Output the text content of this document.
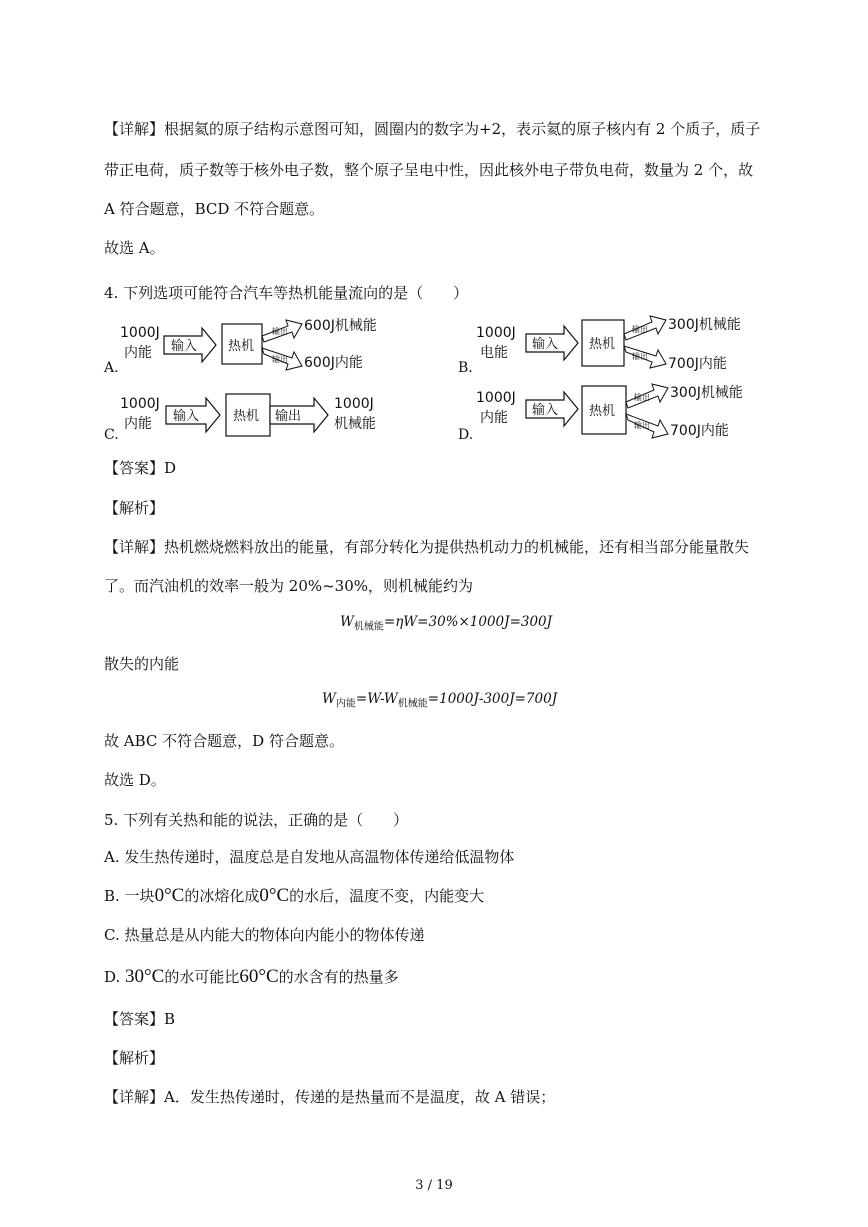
【详解】根据氦的原子结构示意图可知，圆圈内的数字为+2，表示氦的原子核内有 2 个质子，质子
带正电荷，质子数等于核外电子数，整个原子呈电中性，因此核外电子带负电荷，数量为 2 个，故
A 符合题意，BCD 不符合题意。
故选 A。
4. 下列选项可能符合汽车等热机能量流向的是（　　）
1000J
内能 输入 热机
输出
输出
600J机械能
600J内能
A.
1000J
电能
输入 热机
输出
输出
300J机械能
700J内能
B.
1000J
内能 输入	热机 输出
1000J
机械能
C.
1000J
内能 输入 热机
输出
输出
300J机械能
700J内能
D.
【答案】D
【解析】
【详解】热机燃烧燃料放出的能量，有部分转化为提供热机动力的机械能，还有相当部分能量散失
了。而汽油机的效率一般为 20%~30%，则机械能约为
$W_{机械能}=\eta W=30\%\times 1000J=300J$
散失的内能
$W_{内能}=W-W_{机械能}=1000J-300J=700J$
故 ABC 不符合题意，D 符合题意。
故选 D。
5. 下列有关热和能的说法，正确的是（　　）
A. 发生热传递时，温度总是自发地从高温物体传递给低温物体
B. 一块0°C的冰熔化成0°C的水后，温度不变，内能变大
C. 热量总是从内能大的物体向内能小的物体传递
D. 30°C的水可能比60°C的水含有的热量多
【答案】B
【解析】
【详解】A．发生热传递时，传递的是热量而不是温度，故 A 错误；
3 / 19
